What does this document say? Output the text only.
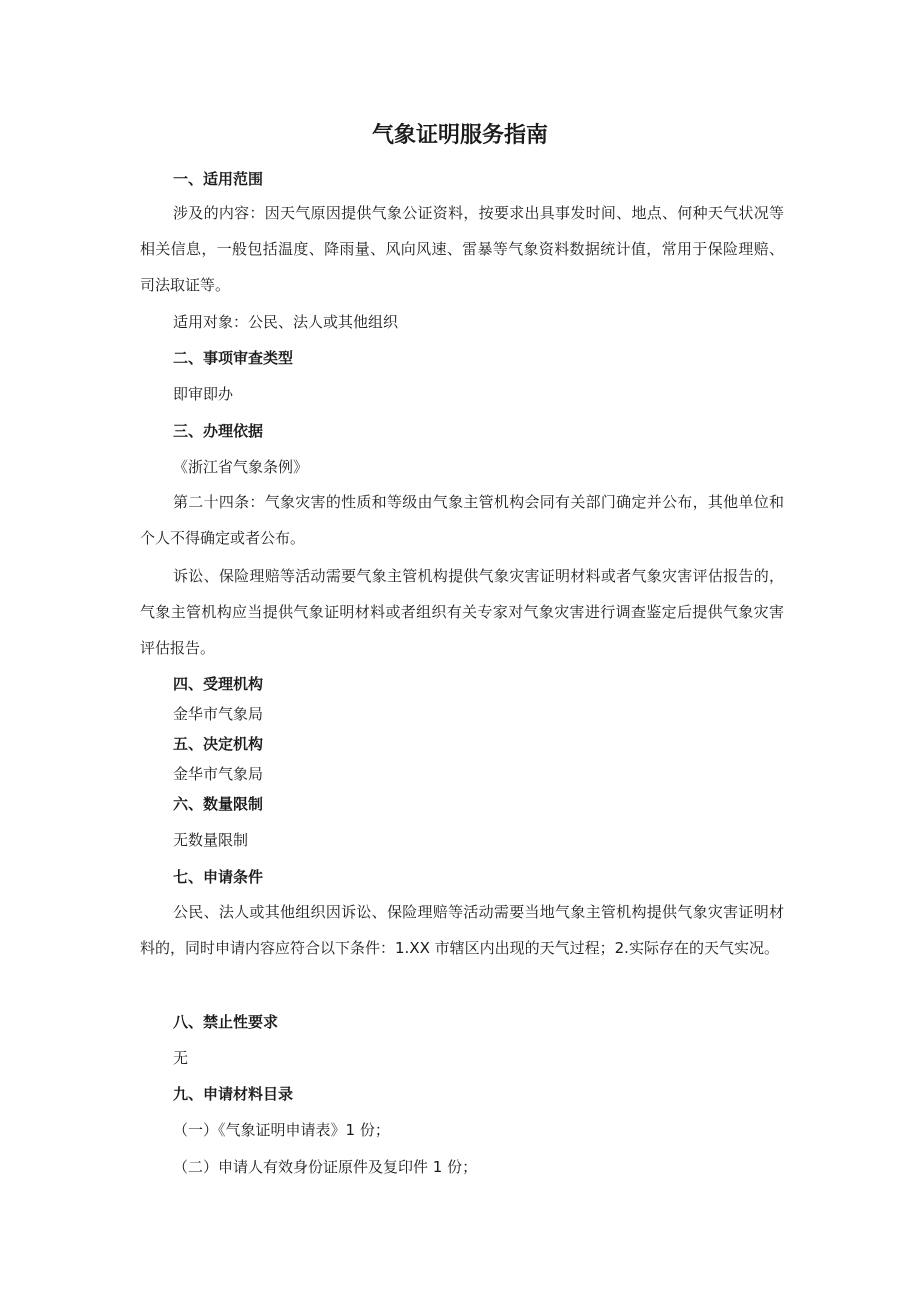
气象证明服务指南
一、适用范围

涉及的内容：因天气原因提供气象公证资料，按要求出具事发时间、地点、何种天气状况等相关信息，一般包括温度、降雨量、风向风速、雷暴等气象资料数据统计值，常用于保险理赔、司法取证等。

适用对象：公民、法人或其他组织

二、事项审查类型

即审即办

三、办理依据

《浙江省气象条例》

第二十四条：气象灾害的性质和等级由气象主管机构会同有关部门确定并公布，其他单位和个人不得确定或者公布。

诉讼、保险理赔等活动需要气象主管机构提供气象灾害证明材料或者气象灾害评估报告的，气象主管机构应当提供气象证明材料或者组织有关专家对气象灾害进行调查鉴定后提供气象灾害评估报告。

四、受理机构

金华市气象局

五、决定机构

金华市气象局

六、数量限制

无数量限制

七、申请条件

公民、法人或其他组织因诉讼、保险理赔等活动需要当地气象主管机构提供气象灾害证明材料的，同时申请内容应符合以下条件：1.XX 市辖区内出现的天气过程；2.实际存在的天气实况。

八、禁止性要求

无

九、申请材料目录

（一）《气象证明申请表》1 份；

（二）申请人有效身份证原件及复印件 1 份；
